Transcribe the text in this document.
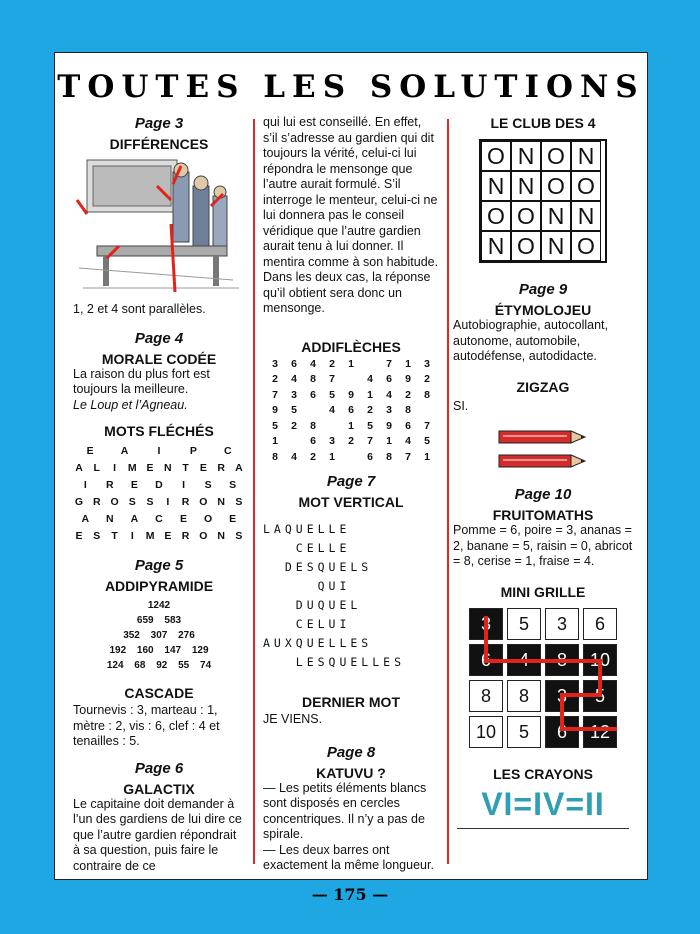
TOUTES LES SOLUTIONS
Page 3
DIFFÉRENCES

1, 2 et 4 sont parallèles.

Page 4
MORALE CODÉE

La raison du plus fort est toujours la meilleure.

Le Loup et l’Agneau.

MOTS FLÉCHÉS
E	A	I	P	C
A L	I	M E N T E R A
I	R E D	I	S S
G R O S S	I	R O N S
A N A C E O E
E S T	I	M E R O N S
Page 5
ADDIPYRAMIDE
1242
659 583
352 307 276
192 160 147 129
124 68 92 55 74
CASCADE

Tournevis : 3, marteau : 1, mètre : 2, vis : 6, clef : 4 et tenailles : 5.

Page 6
GALACTIX

Le capitaine doit demander à l’un des gardiens de lui dire ce que l’autre gardien répondrait à sa question, puis faire le contraire de ce

qui lui est conseillé. En effet, s’il s’adresse au gardien qui dit toujours la vérité, celui-ci lui répondra le mensonge que l’autre aurait formulé. S’il interroge le menteur, celui-ci ne lui donnera pas le conseil véridique que l’autre gardien aurait tenu à lui donner. Il mentira comme à son habitude. Dans les deux cas, la réponse qu’il obtient sera donc un mensonge.

ADDIFLÈCHES
3 6 4 2 1	7 1 3
2 4 8 7	4 6 9 2
7 3 6 5 9 1 4 2 8
9 5	4 6 2 3 8
5 2 8	1 5 9 6 7
1	6 3 2 7 1 4 5
8 4 2 1	6 8 7 1
Page 7
MOT VERTICAL
LAQUELLE
CELLE
DESQUELS
QUI
DUQUEL
CELUI
AUXQUELLES
LESQUELLES
DERNIER MOT

JE VIENS.

Page 8
KATUVU ?

— Les petits éléments blancs sont disposés en cercles concentriques. Il n’y a pas de spirale.

— Les deux barres ont exactement la même longueur.

LE CLUB DES 4
O N O N
N N O O
O O N N
N O N O
Page 9
ÉTYMOLOJEU

Autobiographie, autocollant, autonome, automobile, autodéfense, autodidacte.

ZIGZAG

SI.

Page 10
FRUITOMATHS

Pomme = 6, poire = 3, ananas = 2, banane = 5, raisin = 0, abricot = 8, cerise = 1, fraise = 4.

MINI GRILLE
3	5	3	6
6	4	8	10
8	8	3	5
10	5	6	12
LES CRAYONS
VI=IV=II
— 175 —
